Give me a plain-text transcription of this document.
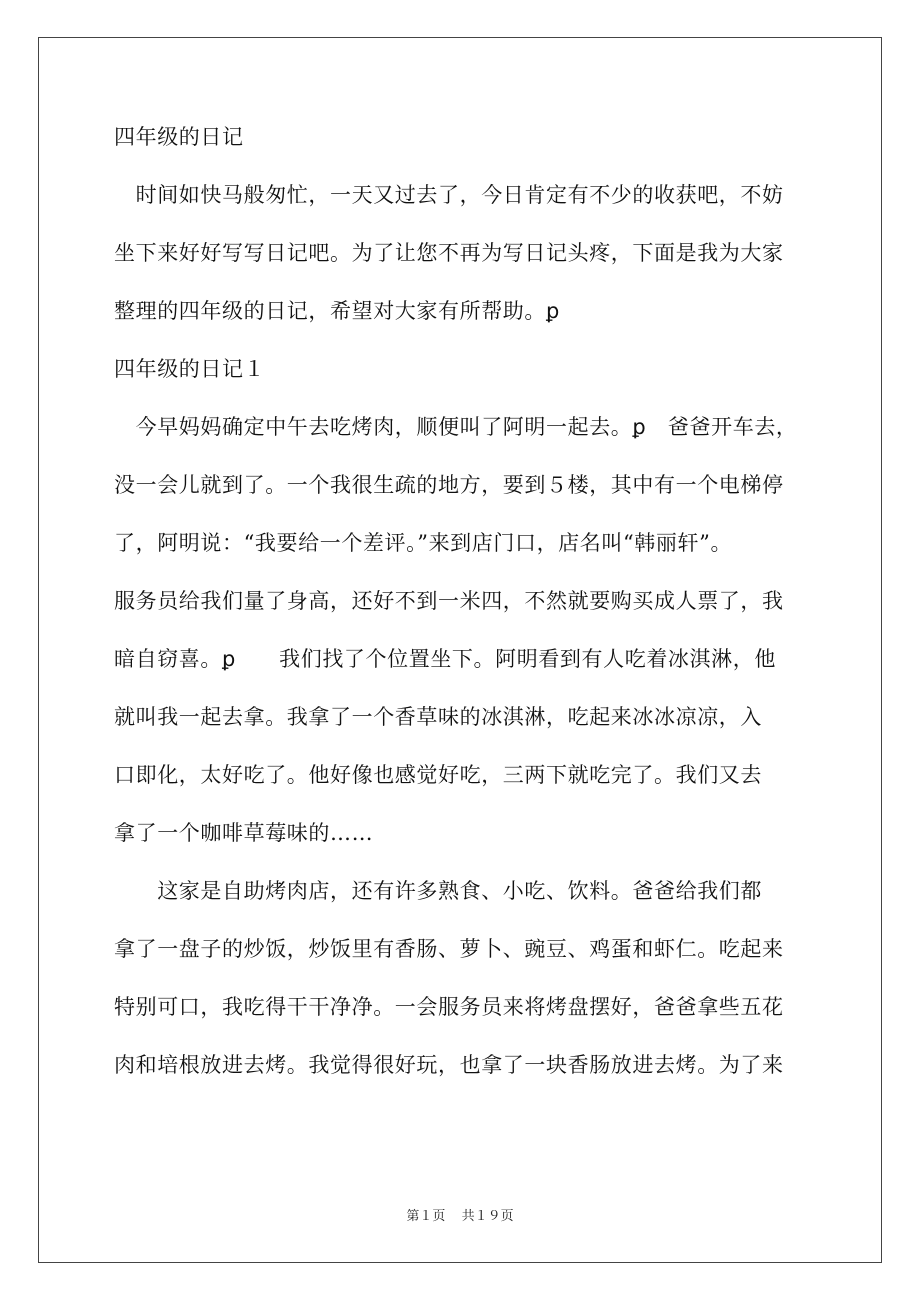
四年级的日记
　时间如快马般匆忙，一天又过去了，今日肯定有不少的收获吧，不妨
坐下来好好写写日记吧。为了让您不再为写日记头疼，下面是我为大家
整理的四年级的日记，希望对大家有所帮助。ꝑ
四年级的日记１
　今早妈妈确定中午去吃烤肉，顺便叫了阿明一起去。ꝑ　爸爸开车去，
没一会儿就到了。一个我很生疏的地方，要到５楼，其中有一个电梯停
了，阿明说：“我要给一个差评。”来到店门口，店名叫“韩丽轩”。
服务员给我们量了身高，还好不到一米四，不然就要购买成人票了，我
暗自窃喜。ꝑ　　我们找了个位置坐下。阿明看到有人吃着冰淇淋，他
就叫我一起去拿。我拿了一个香草味的冰淇淋，吃起来冰冰凉凉，入
口即化，太好吃了。他好像也感觉好吃，三两下就吃完了。我们又去
拿了一个咖啡草莓味的……
　　这家是自助烤肉店，还有许多熟食、小吃、饮料。爸爸给我们都
拿了一盘子的炒饭，炒饭里有香肠、萝卜、豌豆、鸡蛋和虾仁。吃起来
特别可口，我吃得干干净净。一会服务员来将烤盘摆好，爸爸拿些五花
肉和培根放进去烤。我觉得很好玩，也拿了一块香肠放进去烤。为了来
第１页 共１９页
